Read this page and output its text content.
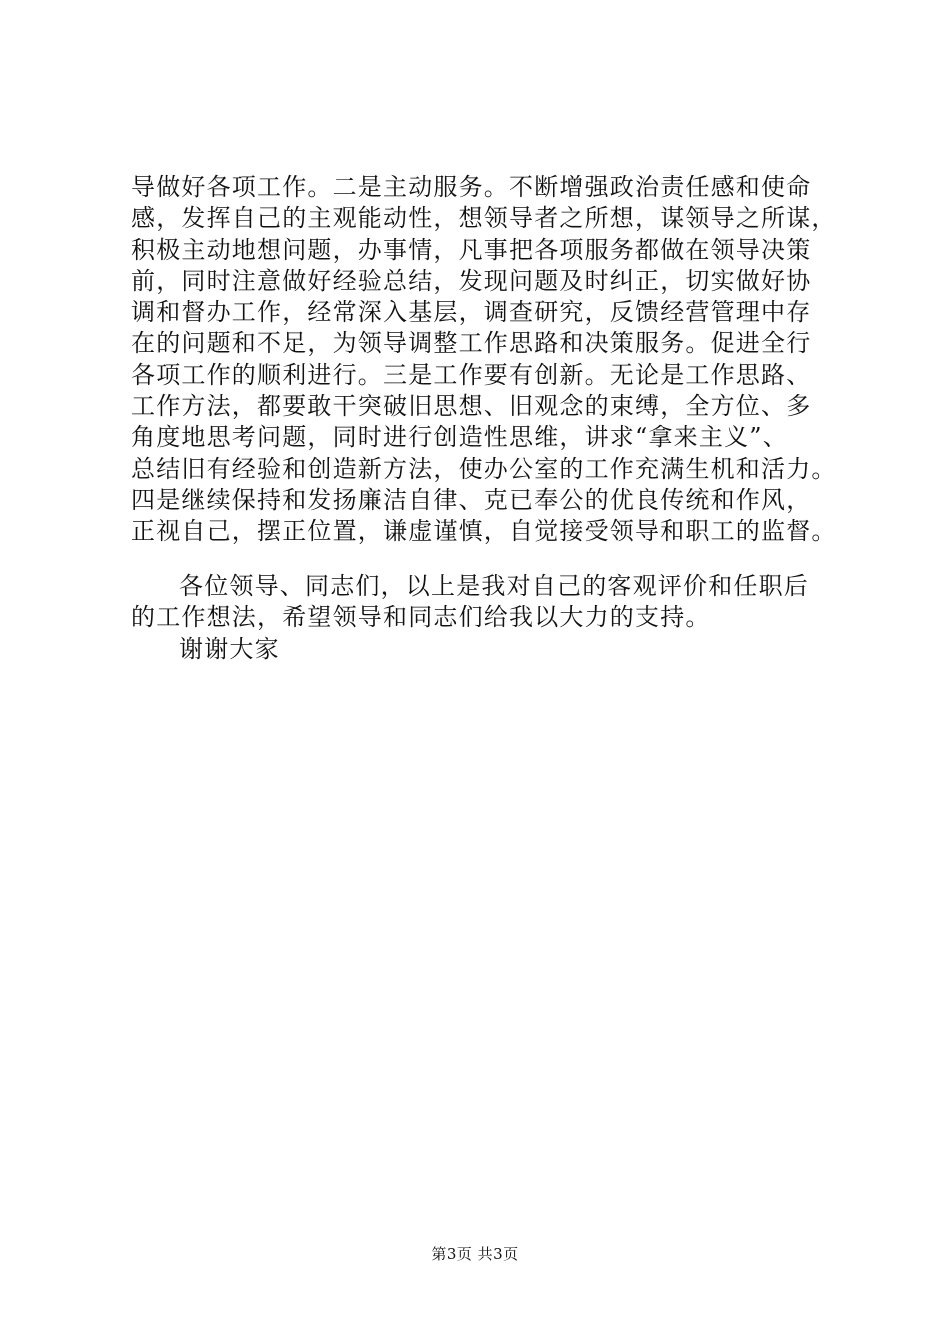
导做好各项工作。二是主动服务。不断增强政治责任感和使命
感，发挥自己的主观能动性，想领导者之所想，谋领导之所谋，
积极主动地想问题，办事情，凡事把各项服务都做在领导决策
前，同时注意做好经验总结，发现问题及时纠正，切实做好协
调和督办工作，经常深入基层，调查研究，反馈经营管理中存
在的问题和不足，为领导调整工作思路和决策服务。促进全行
各项工作的顺利进行。三是工作要有创新。无论是工作思路、
工作方法，都要敢干突破旧思想、旧观念的束缚，全方位、多
角度地思考问题，同时进行创造性思维，讲求“拿来主义”、
总结旧有经验和创造新方法，使办公室的工作充满生机和活力。
四是继续保持和发扬廉洁自律、克已奉公的优良传统和作风，
正视自己，摆正位置，谦虚谨慎，自觉接受领导和职工的监督。
各位领导、同志们，以上是我对自己的客观评价和任职后
的工作想法，希望领导和同志们给我以大力的支持。
谢谢大家
第3页 共3页
